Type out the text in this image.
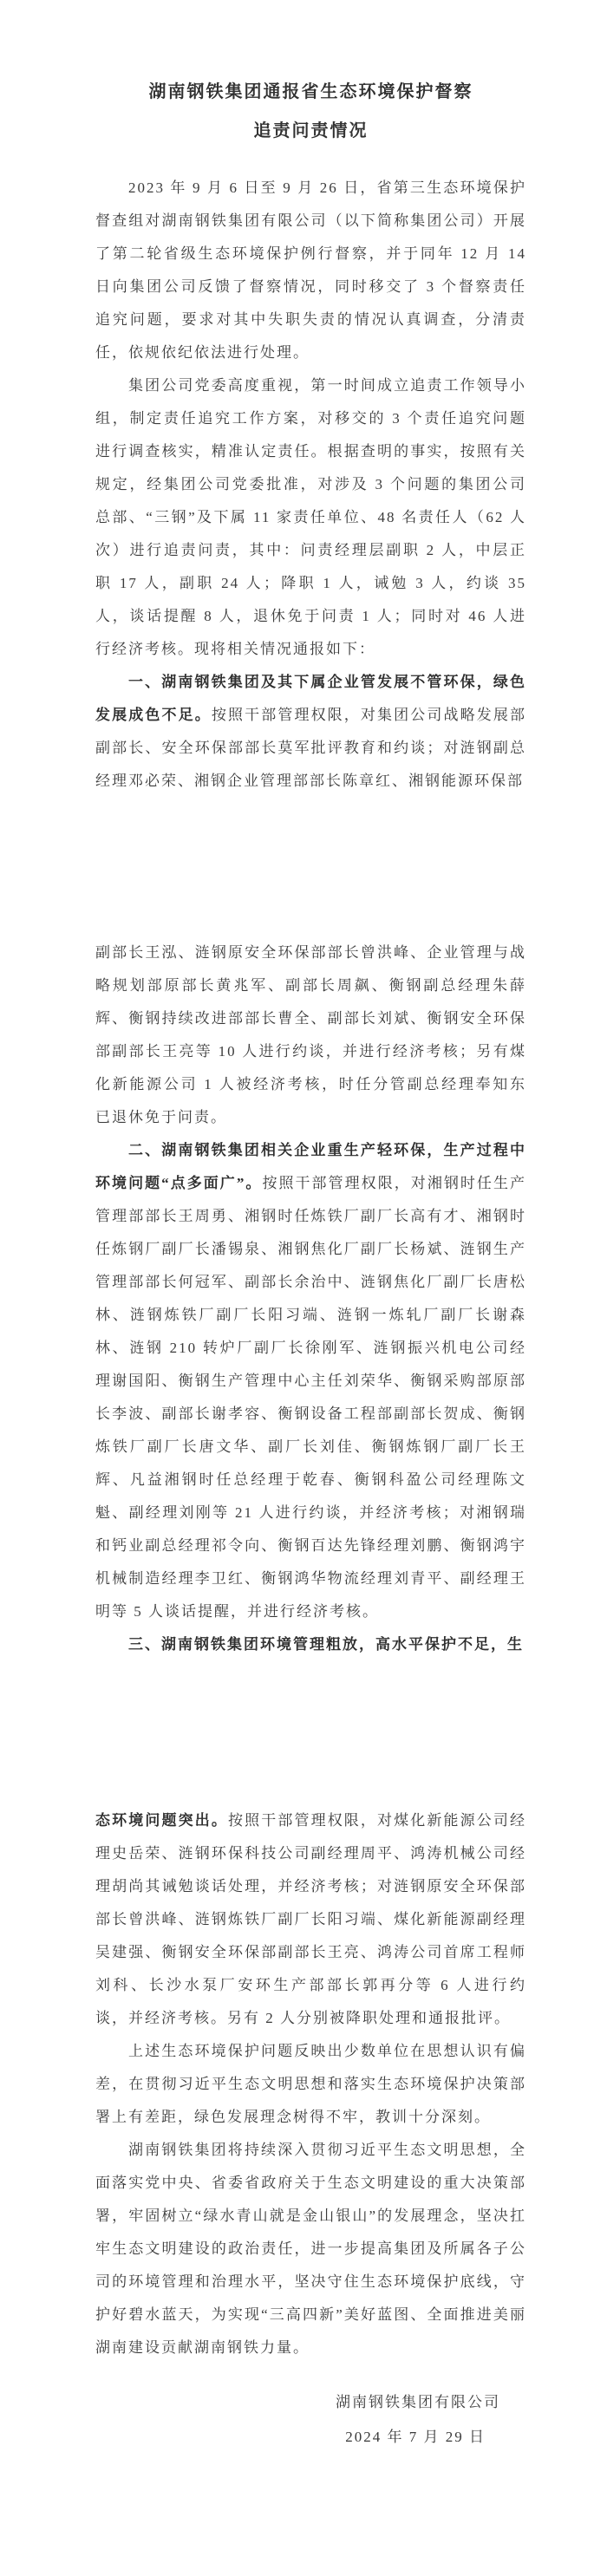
湖南钢铁集团通报省生态环境保护督察
追责问责情况

2023 年 9 月 6 日至 9 月 26 日，省第三生态环境保护督查组对湖南钢铁集团有限公司（以下简称集团公司）开展了第二轮省级生态环境保护例行督察，并于同年 12 月 14 日向集团公司反馈了督察情况，同时移交了 3 个督察责任追究问题，要求对其中失职失责的情况认真调查，分清责任，依规依纪依法进行处理。

集团公司党委高度重视，第一时间成立追责工作领导小组，制定责任追究工作方案，对移交的 3 个责任追究问题进行调查核实，精准认定责任。根据查明的事实，按照有关规定，经集团公司党委批准，对涉及 3 个问题的集团公司总部、“三钢”及下属 11 家责任单位、48 名责任人（62 人次）进行追责问责，其中：问责经理层副职 2 人，中层正职 17 人，副职 24 人；降职 1 人，诫勉 3 人，约谈 35 人，谈话提醒 8 人，退休免于问责 1 人；同时对 46 人进行经济考核。现将相关情况通报如下：

一、湖南钢铁集团及其下属企业管发展不管环保，绿色发展成色不足。按照干部管理权限，对集团公司战略发展部副部长、安全环保部部长莫军批评教育和约谈；对涟钢副总经理邓必荣、湘钢企业管理部部长陈章红、湘钢能源环保部

副部长王泓、涟钢原安全环保部部长曾洪峰、企业管理与战略规划部原部长黄兆军、副部长周飙、衡钢副总经理朱薛辉、衡钢持续改进部部长曹全、副部长刘斌、衡钢安全环保部副部长王亮等 10 人进行约谈，并进行经济考核；另有煤化新能源公司 1 人被经济考核，时任分管副总经理奉知东已退休免于问责。

二、湖南钢铁集团相关企业重生产轻环保，生产过程中环境问题“点多面广”。按照干部管理权限，对湘钢时任生产管理部部长王周勇、湘钢时任炼铁厂副厂长高有才、湘钢时任炼钢厂副厂长潘锡泉、湘钢焦化厂副厂长杨斌、涟钢生产管理部部长何冠军、副部长余治中、涟钢焦化厂副厂长唐松林、涟钢炼铁厂副厂长阳习端、涟钢一炼轧厂副厂长谢森林、涟钢 210 转炉厂副厂长徐刚军、涟钢振兴机电公司经理谢国阳、衡钢生产管理中心主任刘荣华、衡钢采购部原部长李波、副部长谢孝容、衡钢设备工程部副部长贺成、衡钢炼铁厂副厂长唐文华、副厂长刘佳、衡钢炼钢厂副厂长王辉、凡益湘钢时任总经理于乾春、衡钢科盈公司经理陈文魁、副经理刘刚等 21 人进行约谈，并经济考核；对湘钢瑞和钙业副总经理祁令向、衡钢百达先锋经理刘鹏、衡钢鸿宇机械制造经理李卫红、衡钢鸿华物流经理刘青平、副经理王明等 5 人谈话提醒，并进行经济考核。

三、湖南钢铁集团环境管理粗放，高水平保护不足，生

态环境问题突出。按照干部管理权限，对煤化新能源公司经理史岳荣、涟钢环保科技公司副经理周平、鸿涛机械公司经理胡尚其诫勉谈话处理，并经济考核；对涟钢原安全环保部部长曾洪峰、涟钢炼铁厂副厂长阳习端、煤化新能源副经理吴建强、衡钢安全环保部副部长王亮、鸿涛公司首席工程师刘科、长沙水泵厂安环生产部部长郭再分等 6 人进行约谈，并经济考核。另有 2 人分别被降职处理和通报批评。

上述生态环境保护问题反映出少数单位在思想认识有偏差，在贯彻习近平生态文明思想和落实生态环境保护决策部署上有差距，绿色发展理念树得不牢，教训十分深刻。

湖南钢铁集团将持续深入贯彻习近平生态文明思想，全面落实党中央、省委省政府关于生态文明建设的重大决策部署，牢固树立“绿水青山就是金山银山”的发展理念，坚决扛牢生态文明建设的政治责任，进一步提高集团及所属各子公司的环境管理和治理水平，坚决守住生态环境保护底线，守护好碧水蓝天，为实现“三高四新”美好蓝图、全面推进美丽湖南建设贡献湖南钢铁力量。

湖南钢铁集团有限公司
2024 年 7 月 29 日
